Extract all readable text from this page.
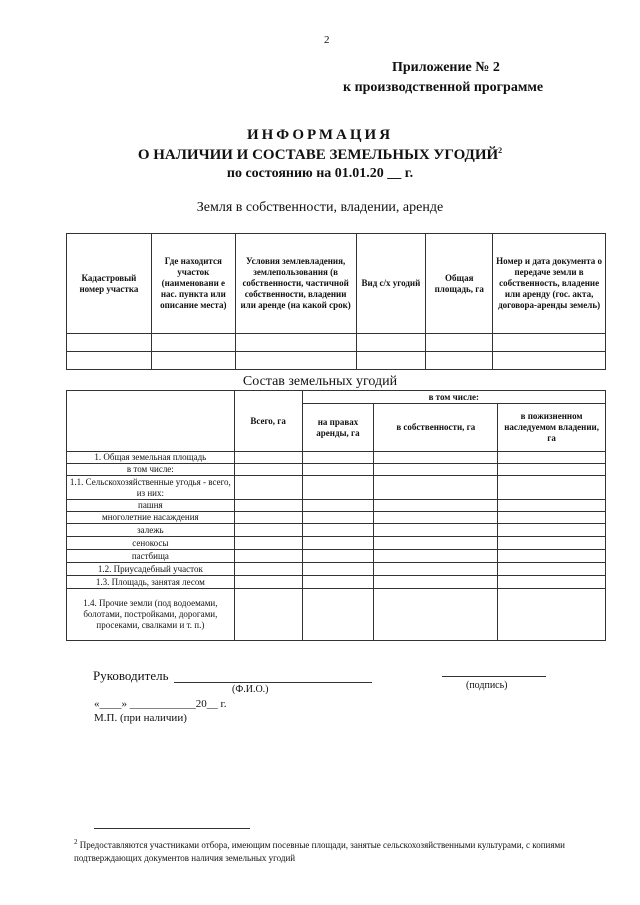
2
Приложение № 2
к производственной программе
ИНФОРМАЦИЯ
О НАЛИЧИИ И СОСТАВЕ ЗЕМЕЛЬНЫХ УГОДИЙ$^2$
по состоянию на 01.01.20 __ г.
Земля в собственности, владении, аренде
Кадастровый номер участка	Где находится участок (наименовани е нас. пункта или описание места)	Условия землевладения, землепользования (в собственности, частичной собственности, владении или аренде (на какой срок)	Вид с/х угодий	Общая площадь, га	Номер и дата документа о передаче земли в собственность, владение или аренду (гос. акта, договора-аренды земель)

Состав земельных угодий
	Всего, га	в том числе:		
		на правах аренды, га	в собственности, га	в пожизненном наследуемом владении, га
1. Общая земельная площадь				
в том числе:				
1.1. Сельскохозяйственные угодья - всего, из них:				
пашня				
многолетние насаждения				
залежь				
сенокосы				
пастбища				
1.2. Приусадебный участок				
1.3. Площадь, занятая лесом				
1.4. Прочие земли (под водоемами, болотами, постройками, дорогами, просеками, свалками и т. п.)				
Руководитель
(Ф.И.О.)	(подпись)
«____» ____________20__ г.
М.П. (при наличии)
$^2$ Предоставляются участниками отбора, имеющим посевные площади, занятые сельскохозяйственными культурами, с копиями подтверждающих документов наличия земельных угодий
